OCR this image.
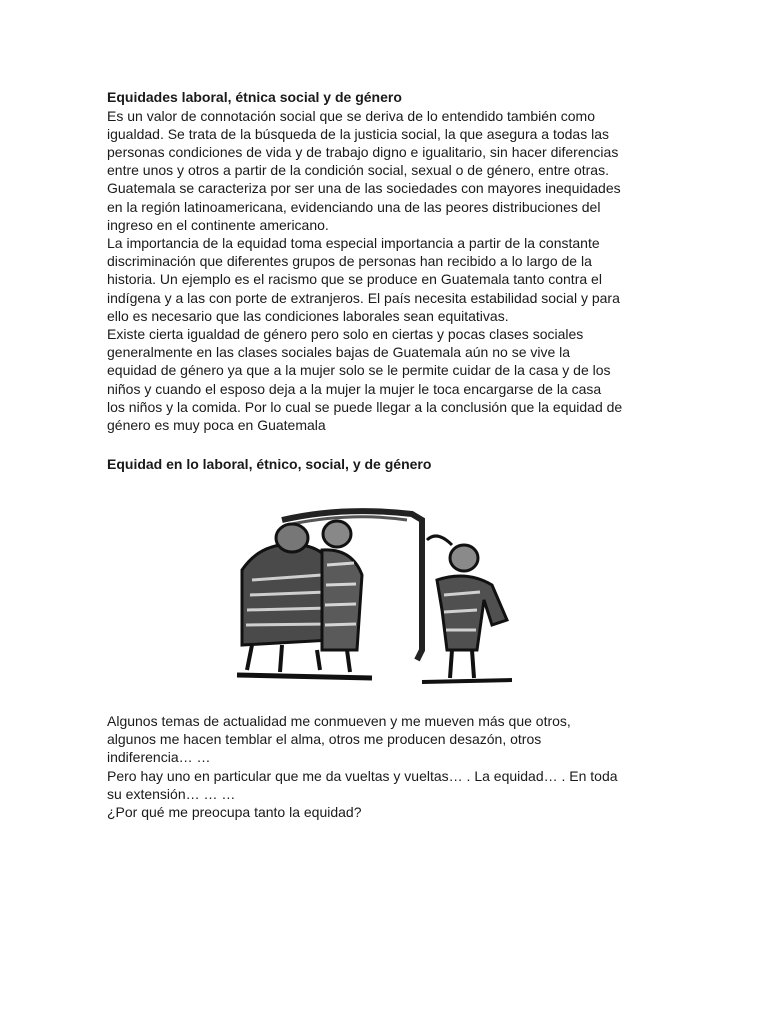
Equidades laboral, étnica social y de género

Es un valor de connotación social que se deriva de lo entendido también como
igualdad. Se trata de la búsqueda de la justicia social, la que asegura a todas las
personas condiciones de vida y de trabajo digno e igualitario, sin hacer diferencias
entre unos y otros a partir de la condición social, sexual o de género, entre otras.
Guatemala se caracteriza por ser una de las sociedades con mayores inequidades
en la región latinoamericana, evidenciando una de las peores distribuciones del
ingreso en el continente americano.

La importancia de la equidad toma especial importancia a partir de la constante
discriminación que diferentes grupos de personas han recibido a lo largo de la
historia. Un ejemplo es el racismo que se produce en Guatemala tanto contra el
indígena y a las con porte de extranjeros. El país necesita estabilidad social y para
ello es necesario que las condiciones laborales sean equitativas.

Existe cierta igualdad de género pero solo en ciertas y pocas clases sociales
generalmente en las clases sociales bajas de Guatemala aún no se vive la
equidad de género ya que a la mujer solo se le permite cuidar de la casa y de los
niños y cuando el esposo deja a la mujer la mujer le toca encargarse de la casa
los niños y la comida. Por lo cual se puede llegar a la conclusión que la equidad de
género es muy poca en Guatemala

Equidad en lo laboral, étnico, social, y de género

Algunos temas de actualidad me conmueven y me mueven más que otros,
algunos me hacen temblar el alma, otros me producen desazón, otros
indiferencia… …

Pero hay uno en particular que me da vueltas y vueltas… . La equidad… . En toda
su extensión… … …

¿Por qué me preocupa tanto la equidad?
